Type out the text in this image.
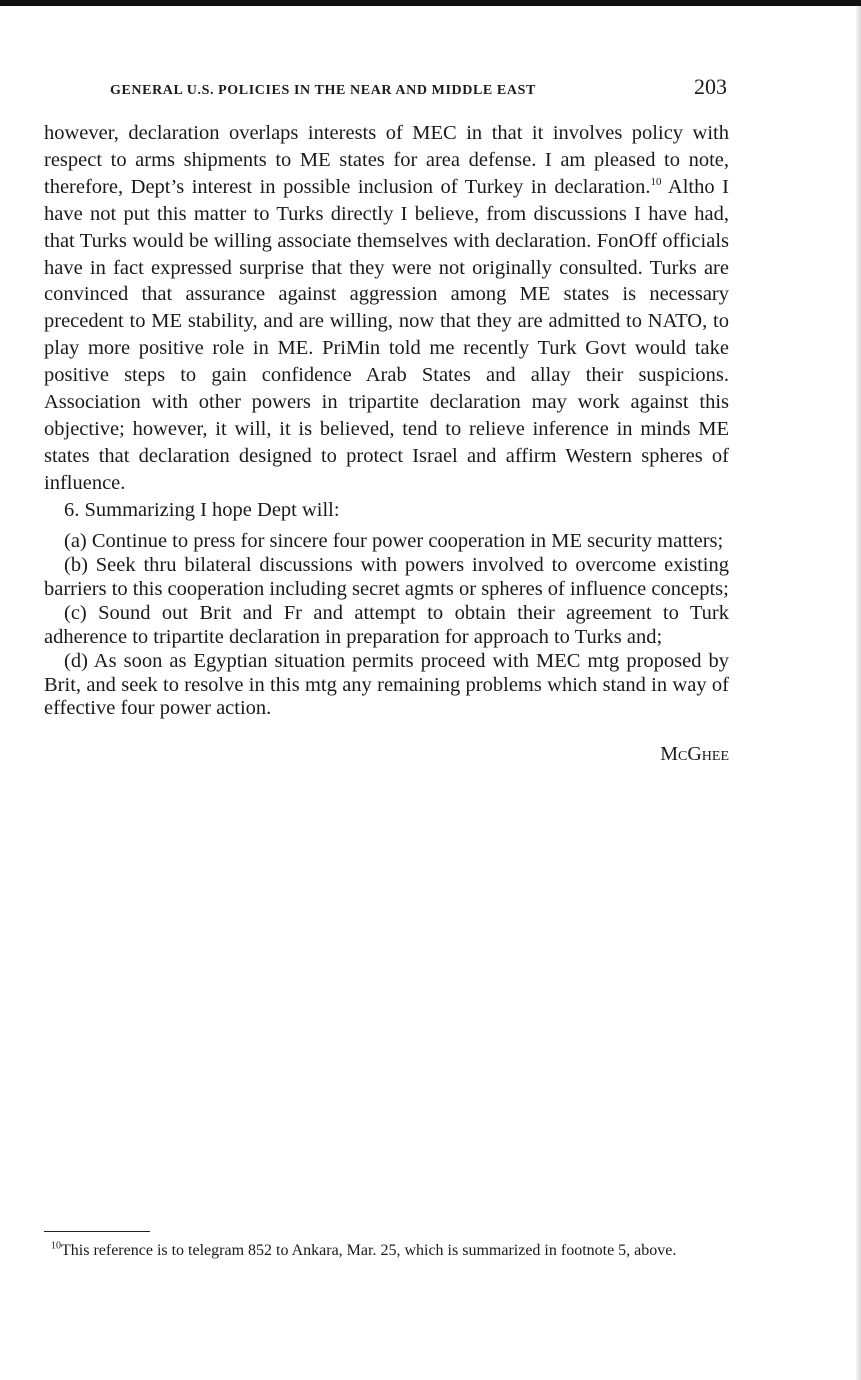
GENERAL U.S. POLICIES IN THE NEAR AND MIDDLE EAST	203

however, declaration overlaps interests of MEC in that it involves policy with respect to arms shipments to ME states for area defense. I am pleased to note, therefore, Dept’s interest in possible inclusion of Turkey in declaration.$^{10}$ Altho I have not put this matter to Turks directly I believe, from discussions I have had, that Turks would be willing associate themselves with declaration. FonOff officials have in fact expressed surprise that they were not originally consulted. Turks are convinced that assurance against aggression among ME states is necessary precedent to ME stability, and are willing, now that they are admitted to NATO, to play more positive role in ME. PriMin told me recently Turk Govt would take positive steps to gain confidence Arab States and allay their suspicions. Association with other powers in tripartite declaration may work against this objective; however, it will, it is believed, tend to relieve inference in minds ME states that declaration designed to protect Israel and affirm Western spheres of influence.

6. Summarizing I hope Dept will:

(a) Continue to press for sincere four power cooperation in ME security matters;

(b) Seek thru bilateral discussions with powers involved to overcome existing barriers to this cooperation including secret agmts or spheres of influence concepts;

(c) Sound out Brit and Fr and attempt to obtain their agreement to Turk adherence to tripartite declaration in preparation for approach to Turks and;

(d) As soon as Egyptian situation permits proceed with MEC mtg proposed by Brit, and seek to resolve in this mtg any remaining problems which stand in way of effective four power action.

McGhee
$^{10}$This reference is to telegram 852 to Ankara, Mar. 25, which is summarized in footnote 5, above.
